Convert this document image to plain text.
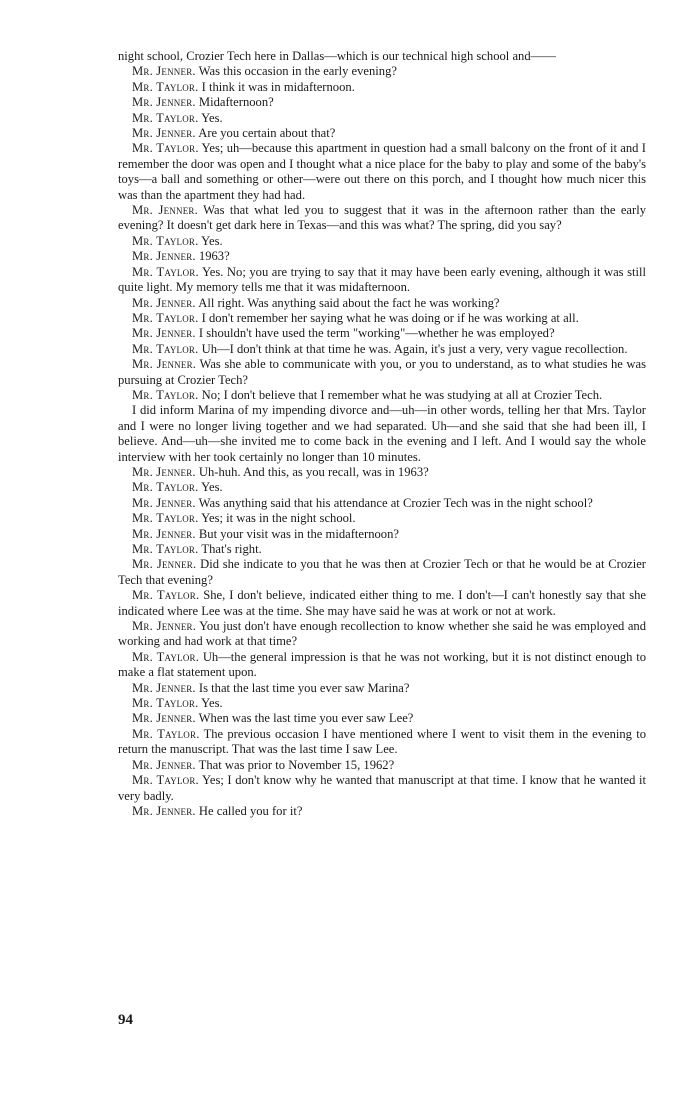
night school, Crozier Tech here in Dallas—which is our technical high school and——

Mr. Jenner. Was this occasion in the early evening?

Mr. Taylor. I think it was in midafternoon.

Mr. Jenner. Midafternoon?

Mr. Taylor. Yes.

Mr. Jenner. Are you certain about that?

Mr. Taylor. Yes; uh—because this apartment in question had a small balcony on the front of it and I remember the door was open and I thought what a nice place for the baby to play and some of the baby's toys—a ball and something or other—were out there on this porch, and I thought how much nicer this was than the apartment they had had.

Mr. Jenner. Was that what led you to suggest that it was in the afternoon rather than the early evening? It doesn't get dark here in Texas—and this was what? The spring, did you say?

Mr. Taylor. Yes.

Mr. Jenner. 1963?

Mr. Taylor. Yes. No; you are trying to say that it may have been early evening, although it was still quite light. My memory tells me that it was midafternoon.

Mr. Jenner. All right. Was anything said about the fact he was working?

Mr. Taylor. I don't remember her saying what he was doing or if he was working at all.

Mr. Jenner. I shouldn't have used the term "working"—whether he was employed?

Mr. Taylor. Uh—I don't think at that time he was. Again, it's just a very, very vague recollection.

Mr. Jenner. Was she able to communicate with you, or you to understand, as to what studies he was pursuing at Crozier Tech?

Mr. Taylor. No; I don't believe that I remember what he was studying at all at Crozier Tech.

I did inform Marina of my impending divorce and—uh—in other words, telling her that Mrs. Taylor and I were no longer living together and we had separated. Uh—and she said that she had been ill, I believe. And—uh—she invited me to come back in the evening and I left. And I would say the whole interview with her took certainly no longer than 10 minutes.

Mr. Jenner. Uh-huh. And this, as you recall, was in 1963?

Mr. Taylor. Yes.

Mr. Jenner. Was anything said that his attendance at Crozier Tech was in the night school?

Mr. Taylor. Yes; it was in the night school.

Mr. Jenner. But your visit was in the midafternoon?

Mr. Taylor. That's right.

Mr. Jenner. Did she indicate to you that he was then at Crozier Tech or that he would be at Crozier Tech that evening?

Mr. Taylor. She, I don't believe, indicated either thing to me. I don't—I can't honestly say that she indicated where Lee was at the time. She may have said he was at work or not at work.

Mr. Jenner. You just don't have enough recollection to know whether she said he was employed and working and had work at that time?

Mr. Taylor. Uh—the general impression is that he was not working, but it is not distinct enough to make a flat statement upon.

Mr. Jenner. Is that the last time you ever saw Marina?

Mr. Taylor. Yes.

Mr. Jenner. When was the last time you ever saw Lee?

Mr. Taylor. The previous occasion I have mentioned where I went to visit them in the evening to return the manuscript. That was the last time I saw Lee.

Mr. Jenner. That was prior to November 15, 1962?

Mr. Taylor. Yes; I don't know why he wanted that manuscript at that time. I know that he wanted it very badly.

Mr. Jenner. He called you for it?

94
